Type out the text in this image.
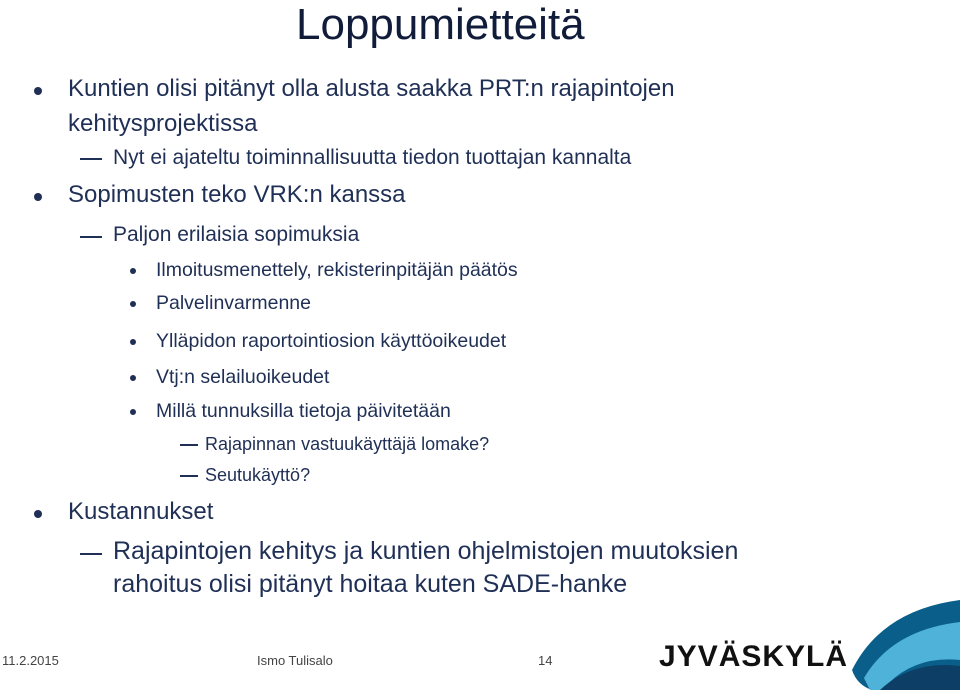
Loppumietteitä
Kuntien olisi pitänyt olla alusta saakka PRT:n rajapintojen
kehitysprojektissa
Nyt ei ajateltu toiminnallisuutta tiedon tuottajan kannalta
Sopimusten teko VRK:n kanssa
Paljon erilaisia sopimuksia
Ilmoitusmenettely, rekisterinpitäjän päätös
Palvelinvarmenne
Ylläpidon raportointiosion käyttöoikeudet
Vtj:n selailuoikeudet
Millä tunnuksilla tietoja päivitetään
Rajapinnan vastuukäyttäjä lomake?
Seutukäyttö?
Kustannukset
Rajapintojen kehitys ja kuntien ohjelmistojen muutoksien
rahoitus olisi pitänyt hoitaa kuten SADE-hanke
11.2.2015	Ismo Tulisalo	14	JYVÄSKYLÄ
